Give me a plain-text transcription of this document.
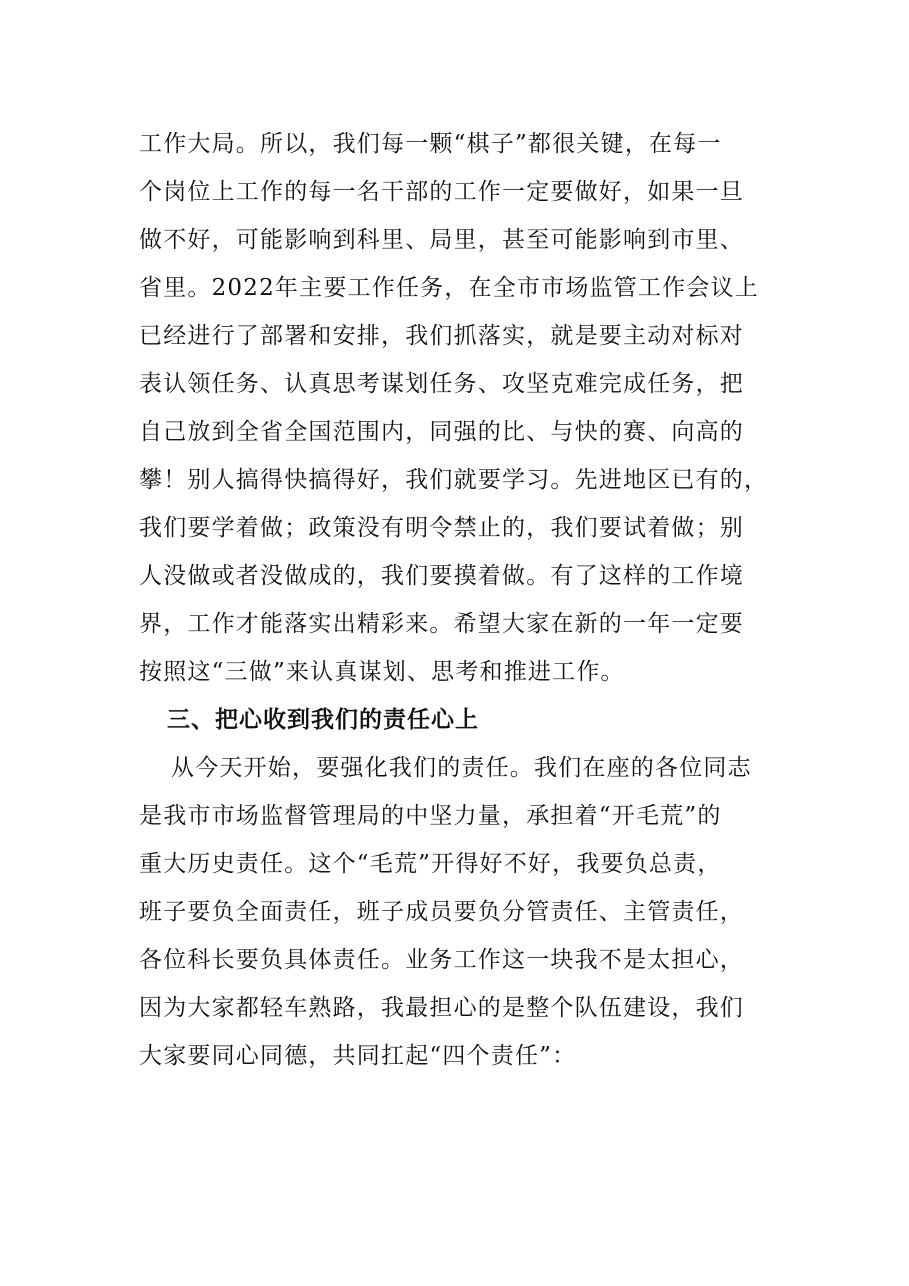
工作大局。所以，我们每一颗“棋子”都很关键，在每一
个岗位上工作的每一名干部的工作一定要做好，如果一旦
做不好，可能影响到科里、局里，甚至可能影响到市里、
省里。2022年主要工作任务，在全市市场监管工作会议上
已经进行了部署和安排，我们抓落实，就是要主动对标对
表认领任务、认真思考谋划任务、攻坚克难完成任务，把
自己放到全省全国范围内，同强的比、与快的赛、向高的
攀！别人搞得快搞得好，我们就要学习。先进地区已有的，
我们要学着做；政策没有明令禁止的，我们要试着做；别
人没做或者没做成的，我们要摸着做。有了这样的工作境
界，工作才能落实出精彩来。希望大家在新的一年一定要
按照这“三做”来认真谋划、思考和推进工作。
三、把心收到我们的责任心上
从今天开始，要强化我们的责任。我们在座的各位同志
是我市市场监督管理局的中坚力量，承担着“开毛荒”的
重大历史责任。这个“毛荒”开得好不好，我要负总责，
班子要负全面责任，班子成员要负分管责任、主管责任，
各位科长要负具体责任。业务工作这一块我不是太担心，
因为大家都轻车熟路，我最担心的是整个队伍建设，我们
大家要同心同德，共同扛起“四个责任”：
